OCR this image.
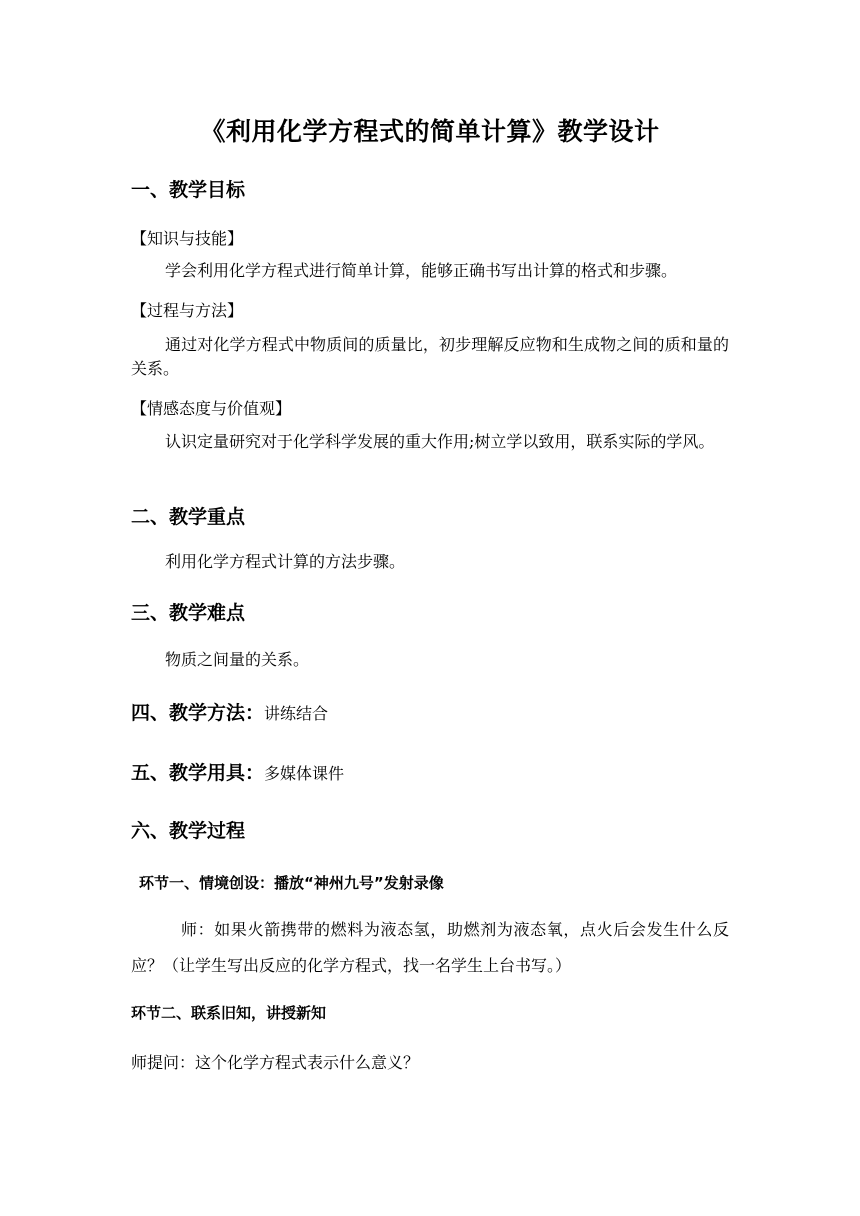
《利用化学方程式的简单计算》教学设计
一、教学目标
【知识与技能】
学会利用化学方程式进行简单计算，能够正确书写出计算的格式和步骤。
【过程与方法】
通过对化学方程式中物质间的质量比，初步理解反应物和生成物之间的质和量的关系。
【情感态度与价值观】
认识定量研究对于化学科学发展的重大作用;树立学以致用，联系实际的学风。
二、教学重点
利用化学方程式计算的方法步骤。
三、教学难点
物质之间量的关系。
四、教学方法：讲练结合
五、教学用具：多媒体课件
六、教学过程
环节一、情境创设：播放“神州九号”发射录像
师：如果火箭携带的燃料为液态氢，助燃剂为液态氧，点火后会发生什么反应？（让学生写出反应的化学方程式，找一名学生上台书写。）
环节二、联系旧知，讲授新知
师提问：这个化学方程式表示什么意义？
